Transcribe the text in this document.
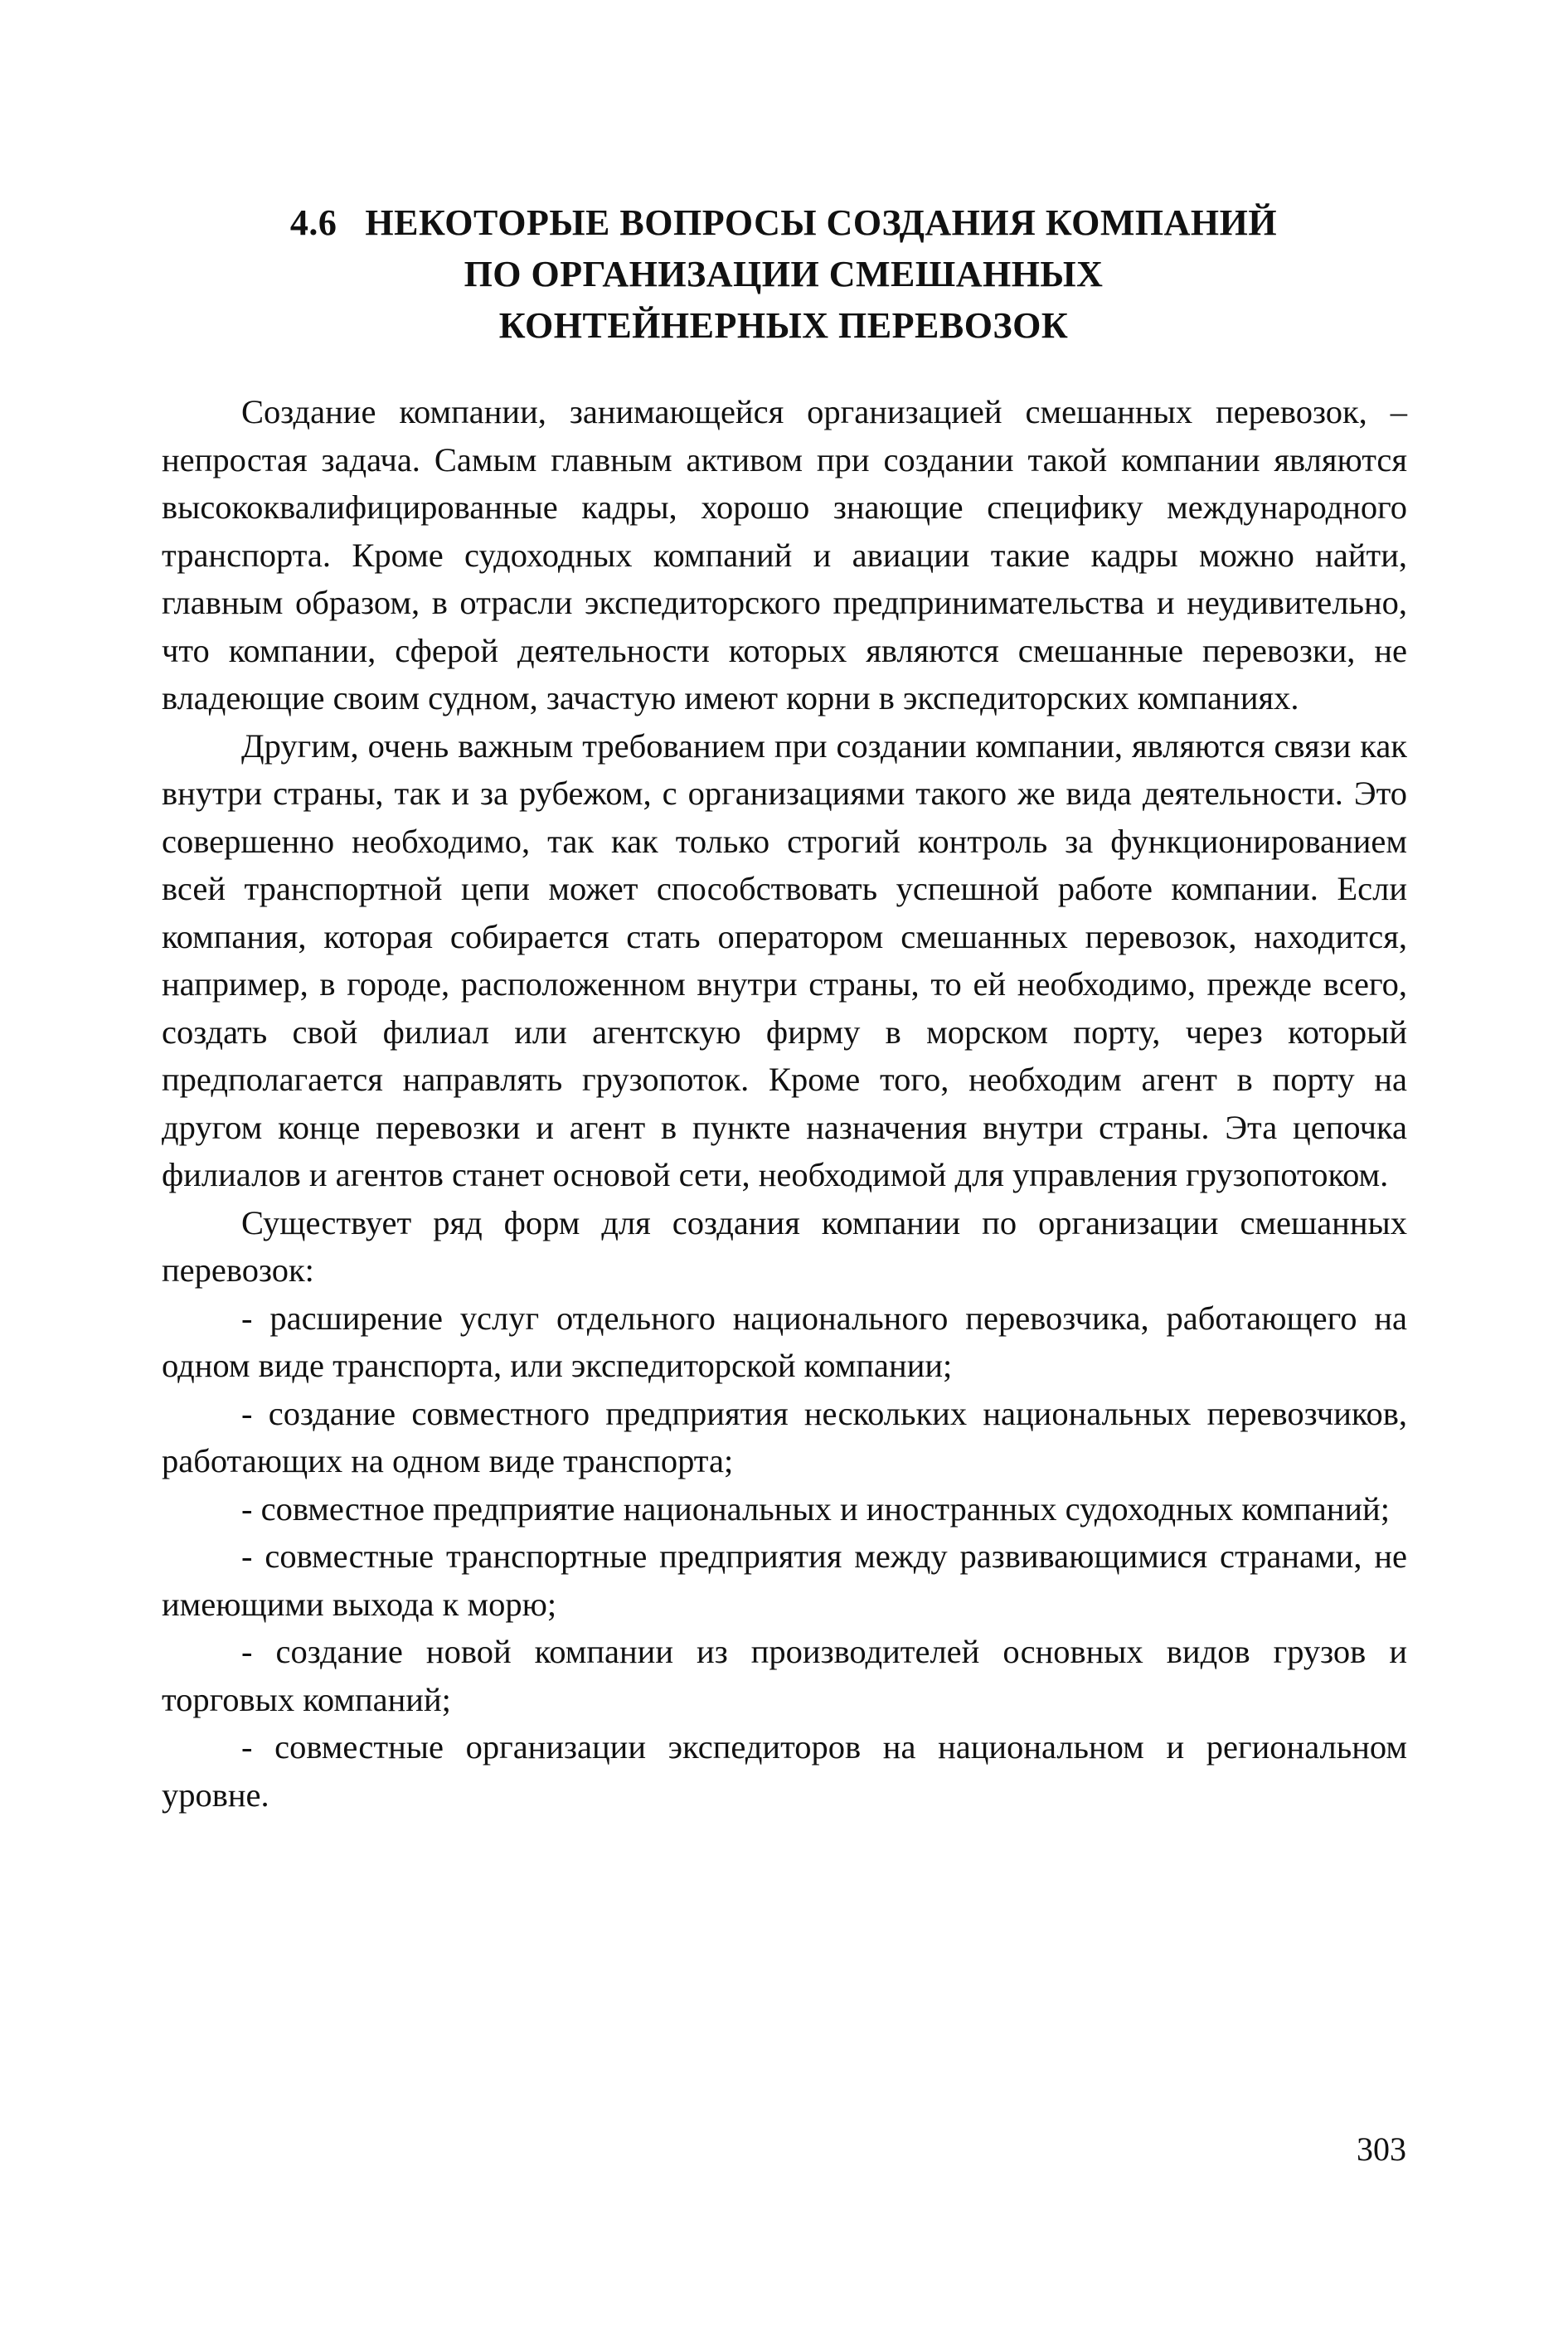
4.6 НЕКОТОРЫЕ ВОПРОСЫ СОЗДАНИЯ КОМПАНИЙ
ПО ОРГАНИЗАЦИИ СМЕШАННЫХ
КОНТЕЙНЕРНЫХ ПЕРЕВОЗОК

Создание компании, занимающейся организацией смешанных перевозок, – непростая задача. Самым главным активом при создании такой компании являются высококвалифицированные кадры, хорошо знающие специфику международного транспорта. Кроме судоходных компаний и авиации такие кадры можно найти, главным образом, в отрасли экспедиторского предпринимательства и неудивительно, что компании, сферой деятельности которых являются смешанные перевозки, не владеющие своим судном, зачастую имеют корни в экспедиторских компаниях.

Другим, очень важным требованием при создании компании, являются связи как внутри страны, так и за рубежом, с организациями такого же вида деятельности. Это совершенно необходимо, так как только строгий контроль за функционированием всей транспортной цепи может способствовать успешной работе компании. Если компания, которая собирается стать оператором смешанных перевозок, находится, например, в городе, расположенном внутри страны, то ей необходимо, прежде всего, создать свой филиал или агентскую фирму в морском порту, через который предполагается направлять грузопоток. Кроме того, необходим агент в порту на другом конце перевозки и агент в пункте назначения внутри страны. Эта цепочка филиалов и агентов станет основой сети, необходимой для управления грузопотоком.

Существует ряд форм для создания компании по организации смешанных перевозок:

- расширение услуг отдельного национального перевозчика, работающего на одном виде транспорта, или экспедиторской компании;

- создание совместного предприятия нескольких национальных перевозчиков, работающих на одном виде транспорта;

- совместное предприятие национальных и иностранных судоходных компаний;

- совместные транспортные предприятия между развивающимися странами, не имеющими выхода к морю;

- создание новой компании из производителей основных видов грузов и торговых компаний;

- совместные организации экспедиторов на национальном и региональном уровне.

303
